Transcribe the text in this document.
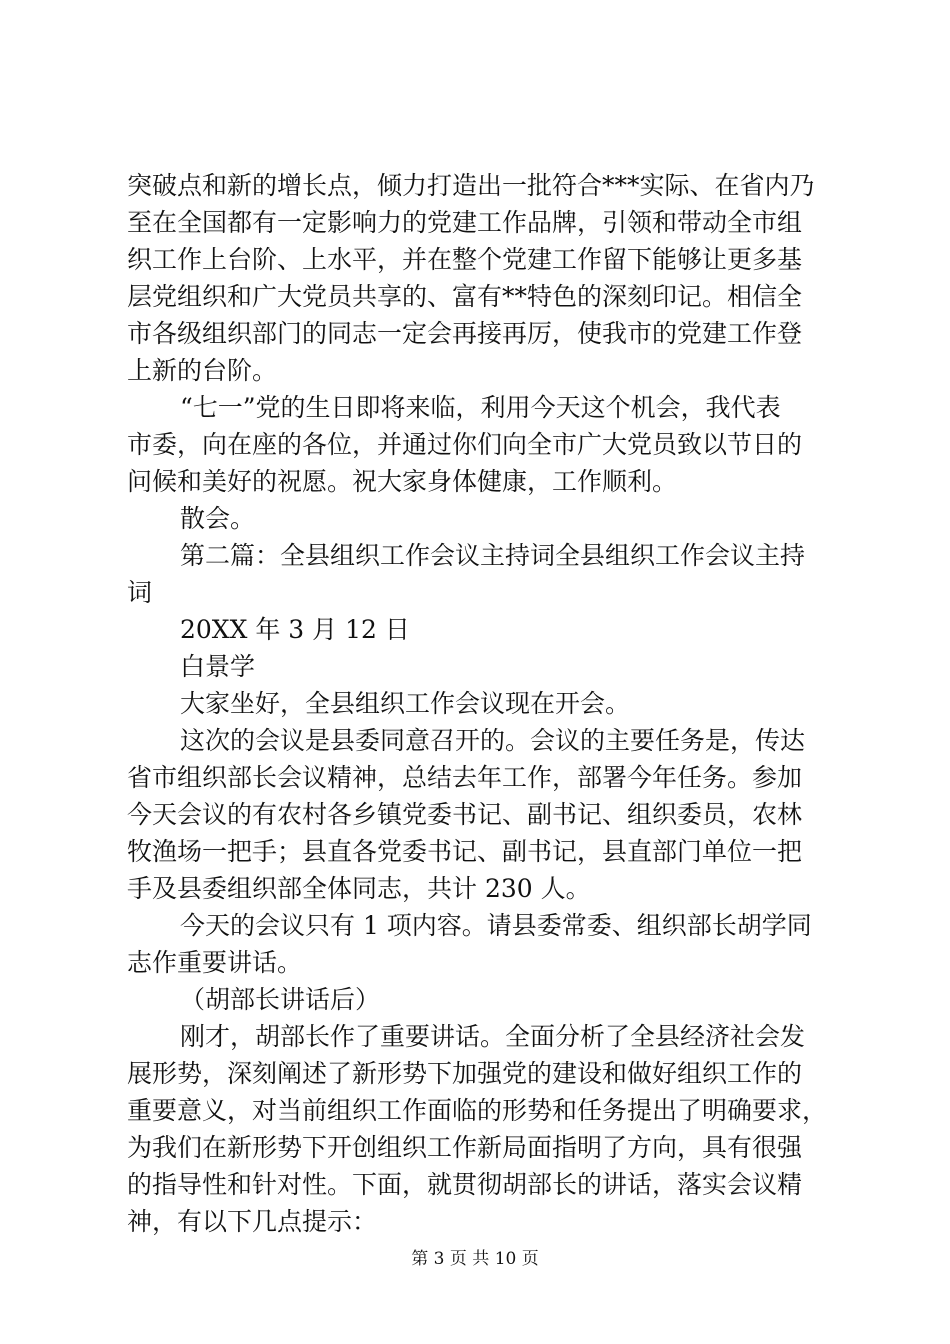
突破点和新的增长点，倾力打造出一批符合***实际、在省内乃
至在全国都有一定影响力的党建工作品牌，引领和带动全市组
织工作上台阶、上水平，并在整个党建工作留下能够让更多基
层党组织和广大党员共享的、富有**特色的深刻印记。相信全
市各级组织部门的同志一定会再接再厉，使我市的党建工作登
上新的台阶。
“七一”党的生日即将来临，利用今天这个机会，我代表
市委，向在座的各位，并通过你们向全市广大党员致以节日的
问候和美好的祝愿。祝大家身体健康，工作顺利。
散会。
第二篇：全县组织工作会议主持词全县组织工作会议主持
词
20XX 年 3 月 12 日
白景学
大家坐好，全县组织工作会议现在开会。
这次的会议是县委同意召开的。会议的主要任务是，传达
省市组织部长会议精神，总结去年工作，部署今年任务。参加
今天会议的有农村各乡镇党委书记、副书记、组织委员，农林
牧渔场一把手；县直各党委书记、副书记，县直部门单位一把
手及县委组织部全体同志，共计 230 人。
今天的会议只有 1 项内容。请县委常委、组织部长胡学同
志作重要讲话。
（胡部长讲话后）
刚才，胡部长作了重要讲话。全面分析了全县经济社会发
展形势，深刻阐述了新形势下加强党的建设和做好组织工作的
重要意义，对当前组织工作面临的形势和任务提出了明确要求，
为我们在新形势下开创组织工作新局面指明了方向，具有很强
的指导性和针对性。下面，就贯彻胡部长的讲话，落实会议精
神，有以下几点提示：
第 3 页 共 10 页
